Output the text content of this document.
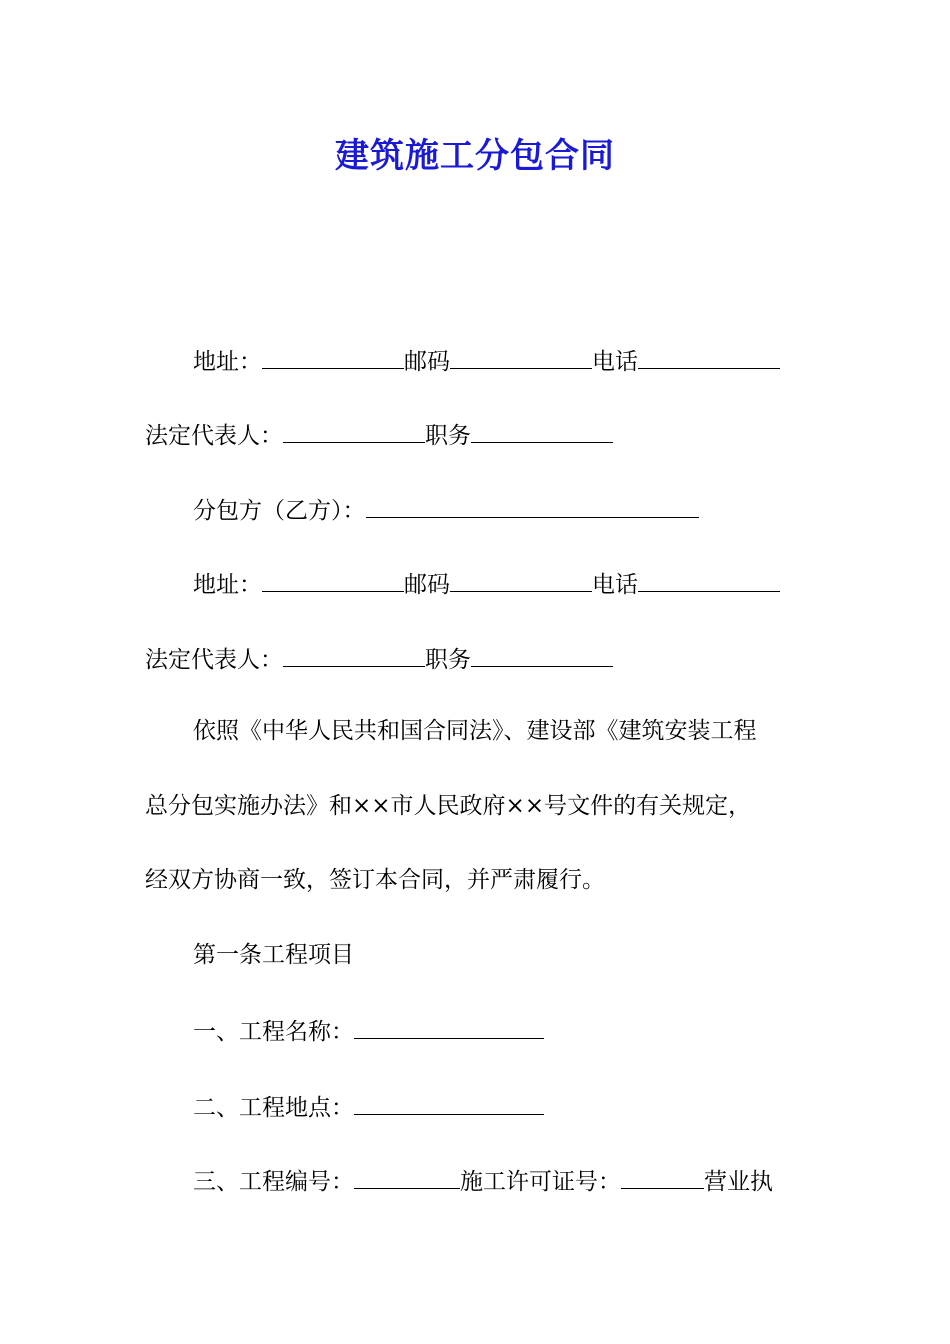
建筑施工分包合同
地址：	邮码	电话
法定代表人：	职务
分包方（乙方）：
地址：	邮码	电话
法定代表人：	职务
依照《中华人民共和国合同法》、建设部《建筑安装工程
总分包实施办法》和××市人民政府××号文件的有关规定，
经双方协商一致，签订本合同，并严肃履行。
第一条工程项目
一、工程名称：
二、工程地点：
三、工程编号：	施工许可证号：	营业执
